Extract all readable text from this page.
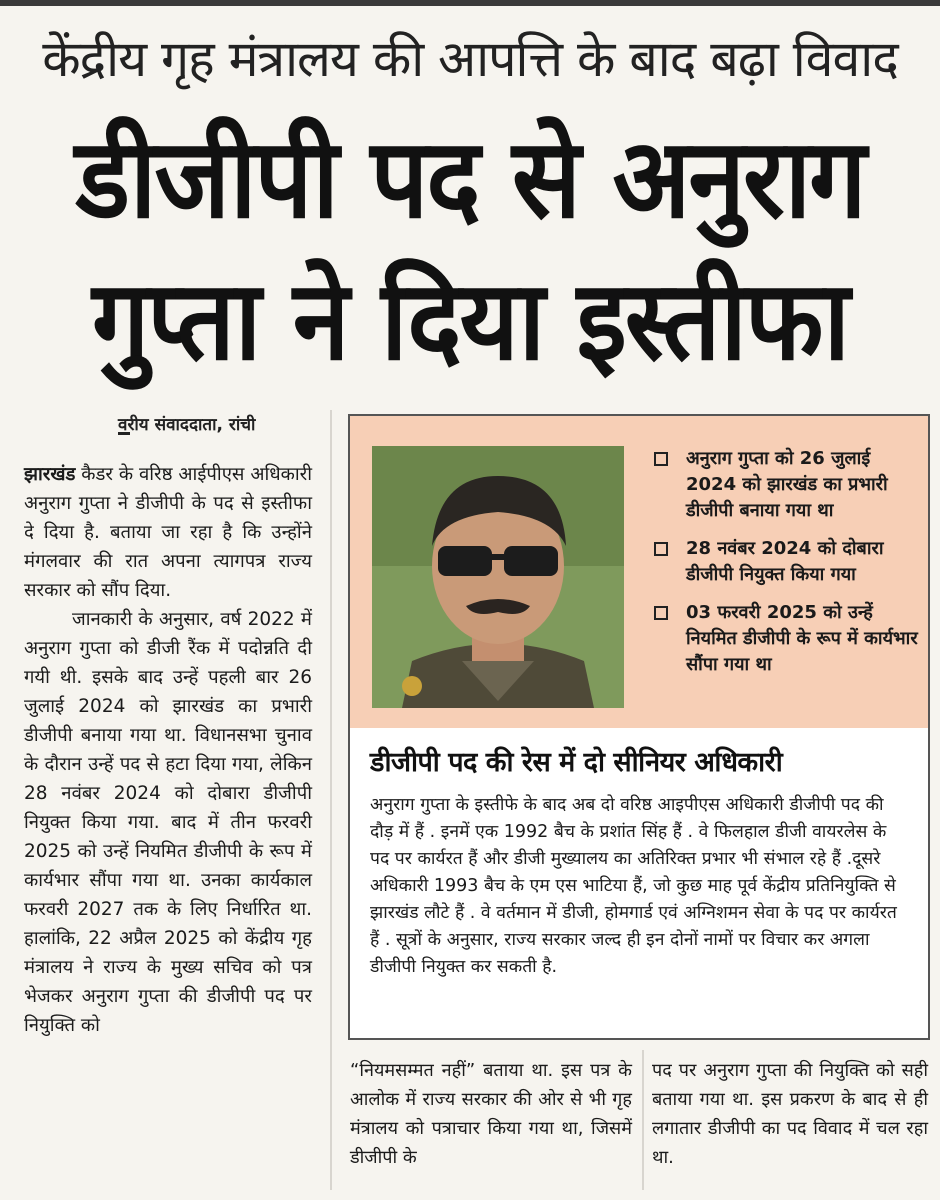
केंद्रीय गृह मंत्रालय की आपत्ति के बाद बढ़ा विवाद
डीजीपी पद से अनुराग
गुप्ता ने दिया इस्तीफा
वरीय संवाददाता, रांची

झारखंड कैडर के वरिष्ठ आईपीएस अधिकारी अनुराग गुप्ता ने डीजीपी के पद से इस्तीफा दे दिया है. बताया जा रहा है कि उन्होंने मंगलवार की रात अपना त्यागपत्र राज्य सरकार को सौंप दिया.

जानकारी के अनुसार, वर्ष 2022 में अनुराग गुप्ता को डीजी रैंक में पदोन्नति दी गयी थी. इसके बाद उन्हें पहली बार 26 जुलाई 2024 को झारखंड का प्रभारी डीजीपी बनाया गया था. विधानसभा चुनाव के दौरान उन्हें पद से हटा दिया गया, लेकिन 28 नवंबर 2024 को दोबारा डीजीपी नियुक्त किया गया. बाद में तीन फरवरी 2025 को उन्हें नियमित डीजीपी के रूप में कार्यभार सौंपा गया था. उनका कार्यकाल फरवरी 2027 तक के लिए निर्धारित था. हालांकि, 22 अप्रैल 2025 को केंद्रीय गृह मंत्रालय ने राज्य के मुख्य सचिव को पत्र भेजकर अनुराग गुप्ता की डीजीपी पद पर नियुक्ति को

अनुराग गुप्ता को 26 जुलाई 2024 को झारखंड का प्रभारी डीजीपी बनाया गया था
28 नवंबर 2024 को दोबारा डीजीपी नियुक्त किया गया
03 फरवरी 2025 को उन्हें नियमित डीजीपी के रूप में कार्यभार सौंपा गया था
डीजीपी पद की रेस में दो सीनियर अधिकारी
अनुराग गुप्ता के इस्तीफे के बाद अब दो वरिष्ठ आइपीएस अधिकारी डीजीपी पद की दौड़ में हैं . इनमें एक 1992 बैच के प्रशांत सिंह हैं . वे फिलहाल डीजी वायरलेस के पद पर कार्यरत हैं और डीजी मुख्यालय का अतिरिक्त प्रभार भी संभाल रहे हैं .दूसरे अधिकारी 1993 बैच के एम एस भाटिया हैं, जो कुछ माह पूर्व केंद्रीय प्रतिनियुक्ति से झारखंड लौटे हैं . वे वर्तमान में डीजी, होमगार्ड एवं अग्निशमन सेवा के पद पर कार्यरत हैं . सूत्रों के अनुसार, राज्य सरकार जल्द ही इन दोनों नामों पर विचार कर अगला डीजीपी नियुक्त कर सकती है.
“नियमसम्मत नहीं” बताया था. इस पत्र के आलोक में राज्य सरकार की ओर से भी गृह मंत्रालय को पत्राचार किया गया था, जिसमें डीजीपी के
पद पर अनुराग गुप्ता की नियुक्ति को सही बताया गया था. इस प्रकरण के बाद से ही लगातार डीजीपी का पद विवाद में चल रहा था.
